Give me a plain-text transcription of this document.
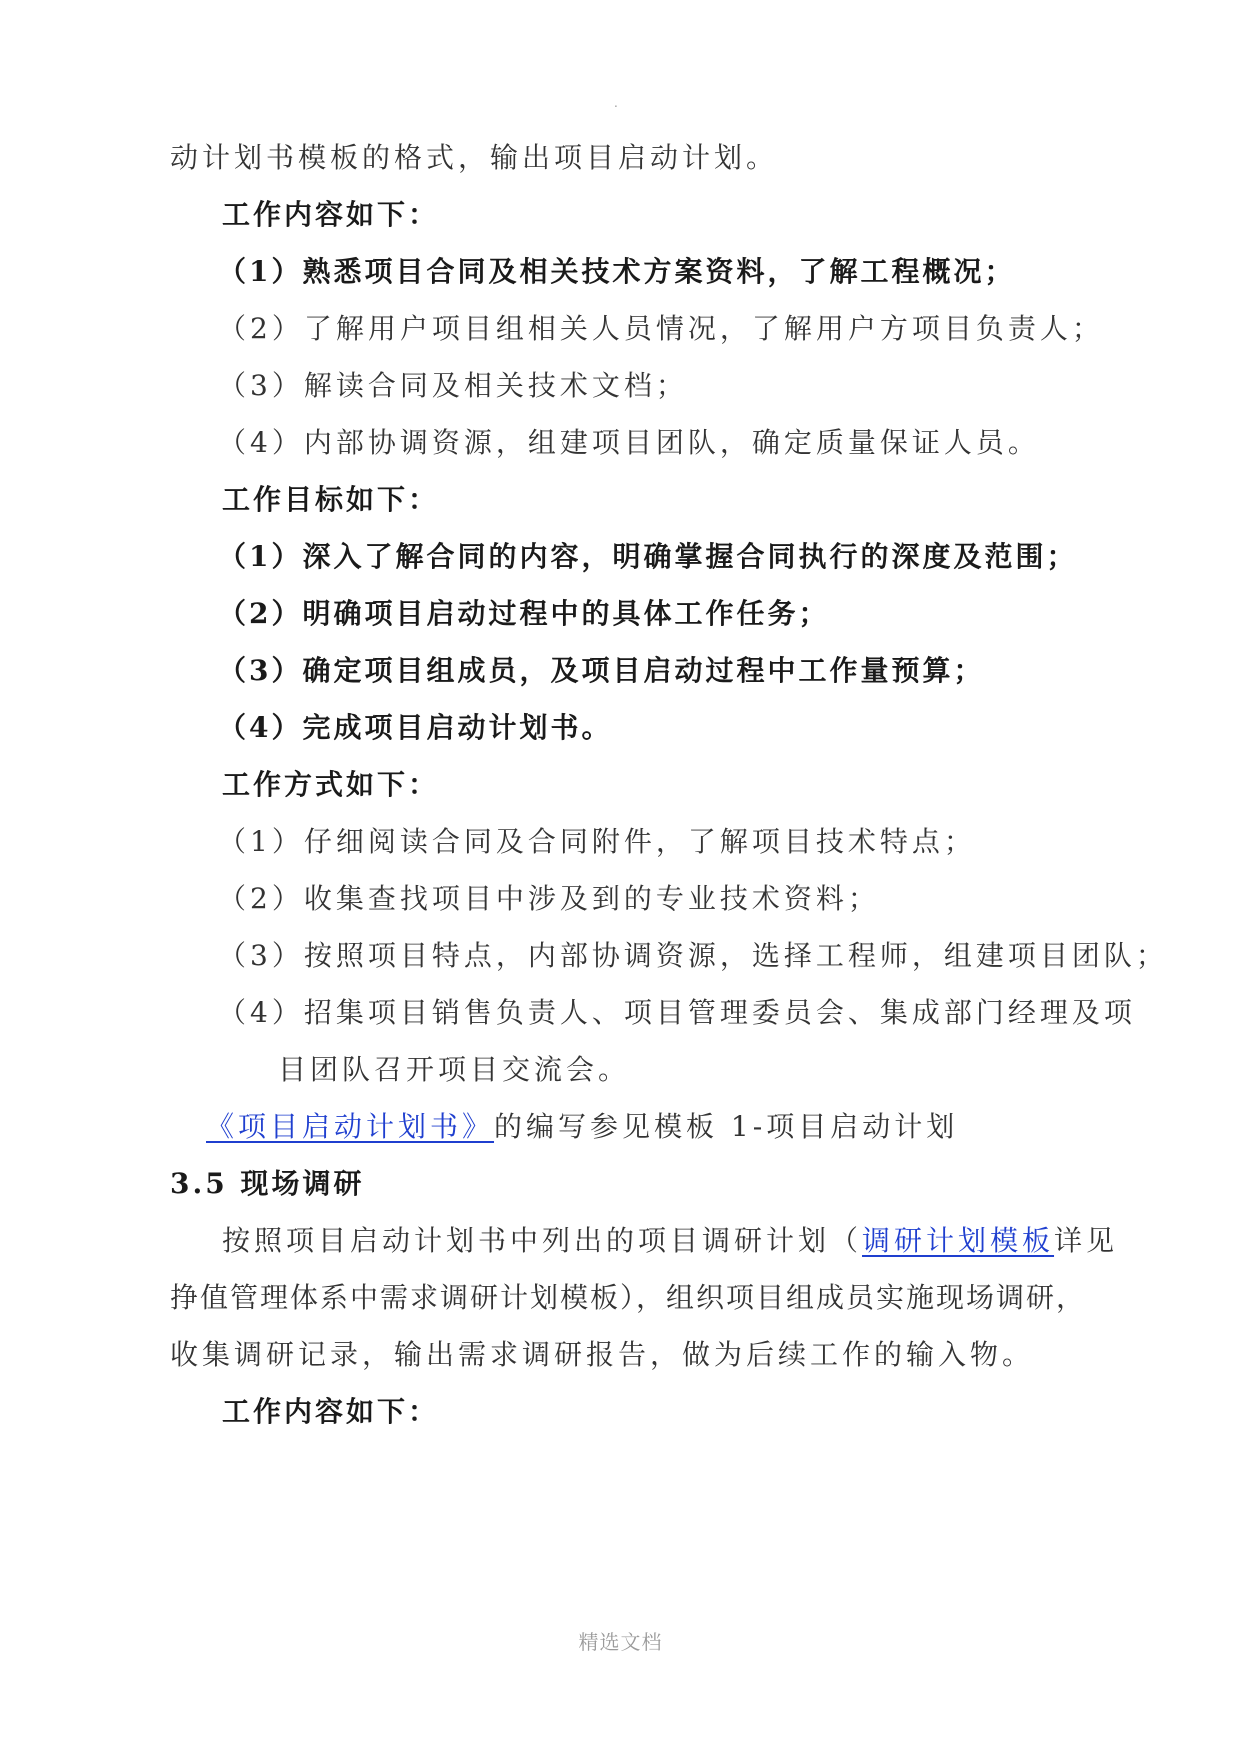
.
动计划书模板的格式，输出项目启动计划。
工作内容如下：
（1）熟悉项目合同及相关技术方案资料，了解工程概况；
（2）了解用户项目组相关人员情况，了解用户方项目负责人；
（3）解读合同及相关技术文档；
（4）内部协调资源，组建项目团队，确定质量保证人员。
工作目标如下：
（1）深入了解合同的内容，明确掌握合同执行的深度及范围；
（2）明确项目启动过程中的具体工作任务；
（3）确定项目组成员，及项目启动过程中工作量预算；
（4）完成项目启动计划书。
工作方式如下：
（1）仔细阅读合同及合同附件，了解项目技术特点；
（2）收集查找项目中涉及到的专业技术资料；
（3）按照项目特点，内部协调资源，选择工程师，组建项目团队；
（4）招集项目销售负责人、项目管理委员会、集成部门经理及项
目团队召开项目交流会。
《项目启动计划书》的编写参见模板 1-项目启动计划
3.5 现场调研
按照项目启动计划书中列出的项目调研计划（调研计划模板详见
挣值管理体系中需求调研计划模板），组织项目组成员实施现场调研，
收集调研记录，输出需求调研报告，做为后续工作的输入物。
工作内容如下：
精选文档
